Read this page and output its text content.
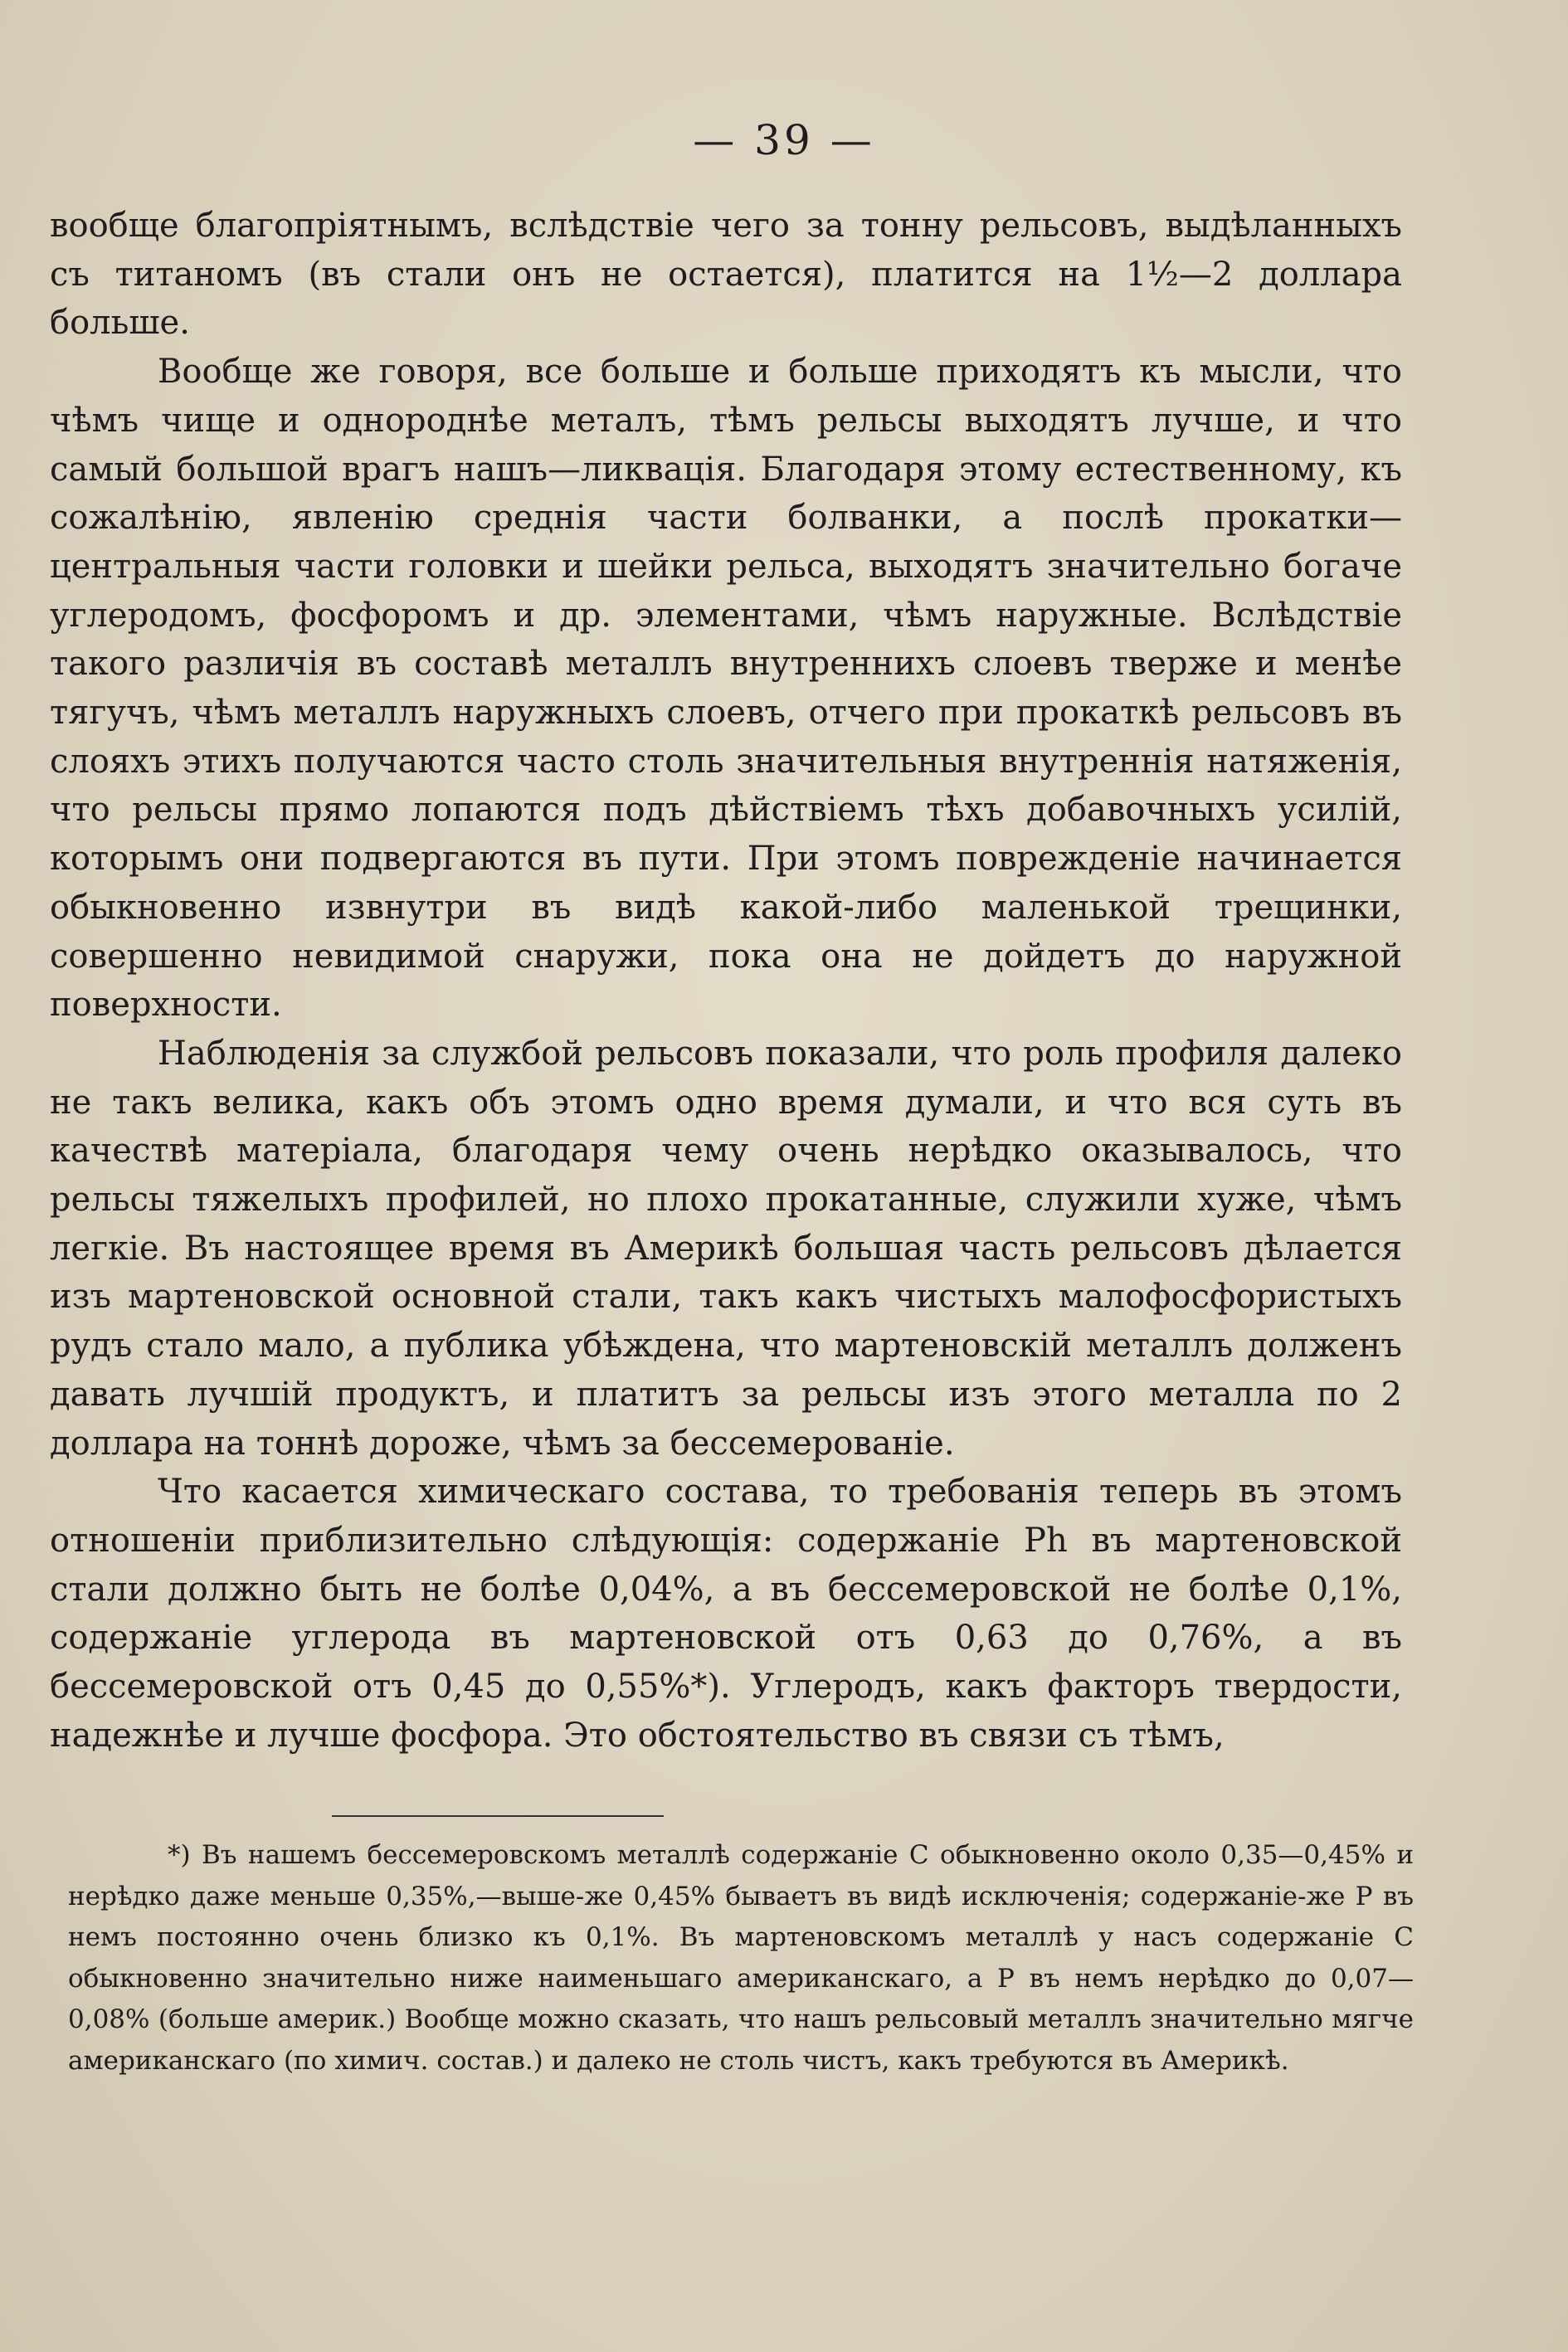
— 39 —

вообще благопріятнымъ, вслѣдствіе чего за тонну рельсовъ, выдѣланныхъ съ титаномъ (въ стали онъ не остается), платится на 1½—2 доллара больше.

Вообще же говоря, все больше и больше приходятъ къ мысли, что чѣмъ чище и однороднѣе металъ, тѣмъ рельсы выходятъ лучше, и что самый большой врагъ нашъ—ликвація. Благодаря этому естественному, къ сожалѣнію, явленію среднія части болванки, а послѣ прокатки—центральныя части головки и шейки рельса, выходятъ значительно богаче углеродомъ, фосфоромъ и др. элементами, чѣмъ наружные. Вслѣдствіе такого различія въ составѣ металлъ внутреннихъ слоевъ тверже и менѣе тягучъ, чѣмъ металлъ наружныхъ слоевъ, отчего при прокаткѣ рельсовъ въ слояхъ этихъ получаются часто столь значительныя внутреннія натяженія, что рельсы прямо лопаются подъ дѣйствіемъ тѣхъ добавочныхъ усилій, которымъ они подвергаются въ пути. При этомъ поврежденіе начинается обыкновенно извнутри въ видѣ какой-либо маленькой трещинки, совершенно невидимой снаружи, пока она не дойдетъ до наружной поверхности.

Наблюденія за службой рельсовъ показали, что роль профиля далеко не такъ велика, какъ объ этомъ одно время думали, и что вся суть въ качествѣ матеріала, благодаря чему очень нерѣдко оказывалось, что рельсы тяжелыхъ профилей, но плохо прокатанные, служили хуже, чѣмъ легкіе. Въ настоящее время въ Америкѣ большая часть рельсовъ дѣлается изъ мартеновской основной стали, такъ какъ чистыхъ малофосфористыхъ рудъ стало мало, а публика убѣждена, что мартеновскій металлъ долженъ давать лучшій продуктъ, и платитъ за рельсы изъ этого металла по 2 доллара на тоннѣ дороже, чѣмъ за бессемерованіе.

Что касается химическаго состава, то требованія теперь въ этомъ отношеніи приблизительно слѣдующія: содержаніе Ph въ мартеновской стали должно быть не болѣе 0,04%, а въ бессемеровской не болѣе 0,1%, содержаніе углерода въ мартеновской отъ 0,63 до 0,76%, а въ бессемеровской отъ 0,45 до 0,55%*). Углеродъ, какъ факторъ твердости, надежнѣе и лучше фосфора. Это обстоятельство въ связи съ тѣмъ,

*) Въ нашемъ бессемеровскомъ металлѣ содержаніе С обыкновенно около 0,35—0,45% и нерѣдко даже меньше 0,35%,—выше-же 0,45% бываетъ въ видѣ исключенія; содержаніе-же Р въ немъ постоянно очень близко къ 0,1%. Въ мартеновскомъ металлѣ у насъ содержаніе С обыкновенно значительно ниже наименьшаго американскаго, а Р въ немъ нерѣдко до 0,07—0,08% (больше америк.) Вообще можно сказать, что нашъ рельсовый металлъ значительно мягче американскаго (по химич. состав.) и далеко не столь чистъ, какъ требуются въ Америкѣ.
